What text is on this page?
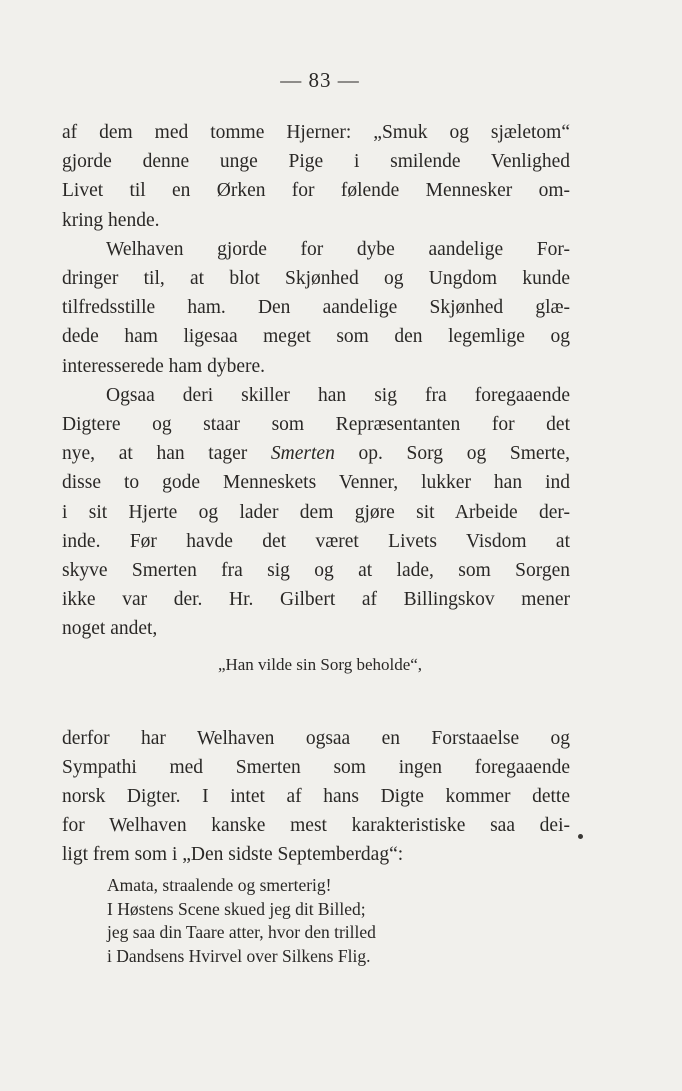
— 83 —

af dem med tomme Hjerner: „Smuk og sjæletom“
gjorde denne unge Pige i smilende Venlighed
Livet til en Ørken for følende Mennesker om-
kring hende.

Welhaven gjorde for dybe aandelige For-
dringer til, at blot Skjønhed og Ungdom kunde
tilfredsstille ham. Den aandelige Skjønhed glæ-
dede ham ligesaa meget som den legemlige og
interesserede ham dybere.

Ogsaa deri skiller han sig fra foregaaende
Digtere og staar som Repræsentanten for det
nye, at han tager Smerten op. Sorg og Smerte,
disse to gode Menneskets Venner, lukker han ind
i sit Hjerte og lader dem gjøre sit Arbeide der-
inde. Før havde det været Livets Visdom at
skyve Smerten fra sig og at lade, som Sorgen
ikke var der. Hr. Gilbert af Billingskov mener
noget andet,

„Han vilde sin Sorg beholde“,

derfor har Welhaven ogsaa en Forstaaelse og
Sympathi med Smerten som ingen foregaaende
norsk Digter. I intet af hans Digte kommer dette
for Welhaven kanske mest karakteristiske saa dei-
ligt frem som i „Den sidste Septemberdag“:

Amata, straalende og smerterig!
I Høstens Scene skued jeg dit Billed;
jeg saa din Taare atter, hvor den trilled
i Dandsens Hvirvel over Silkens Flig.
